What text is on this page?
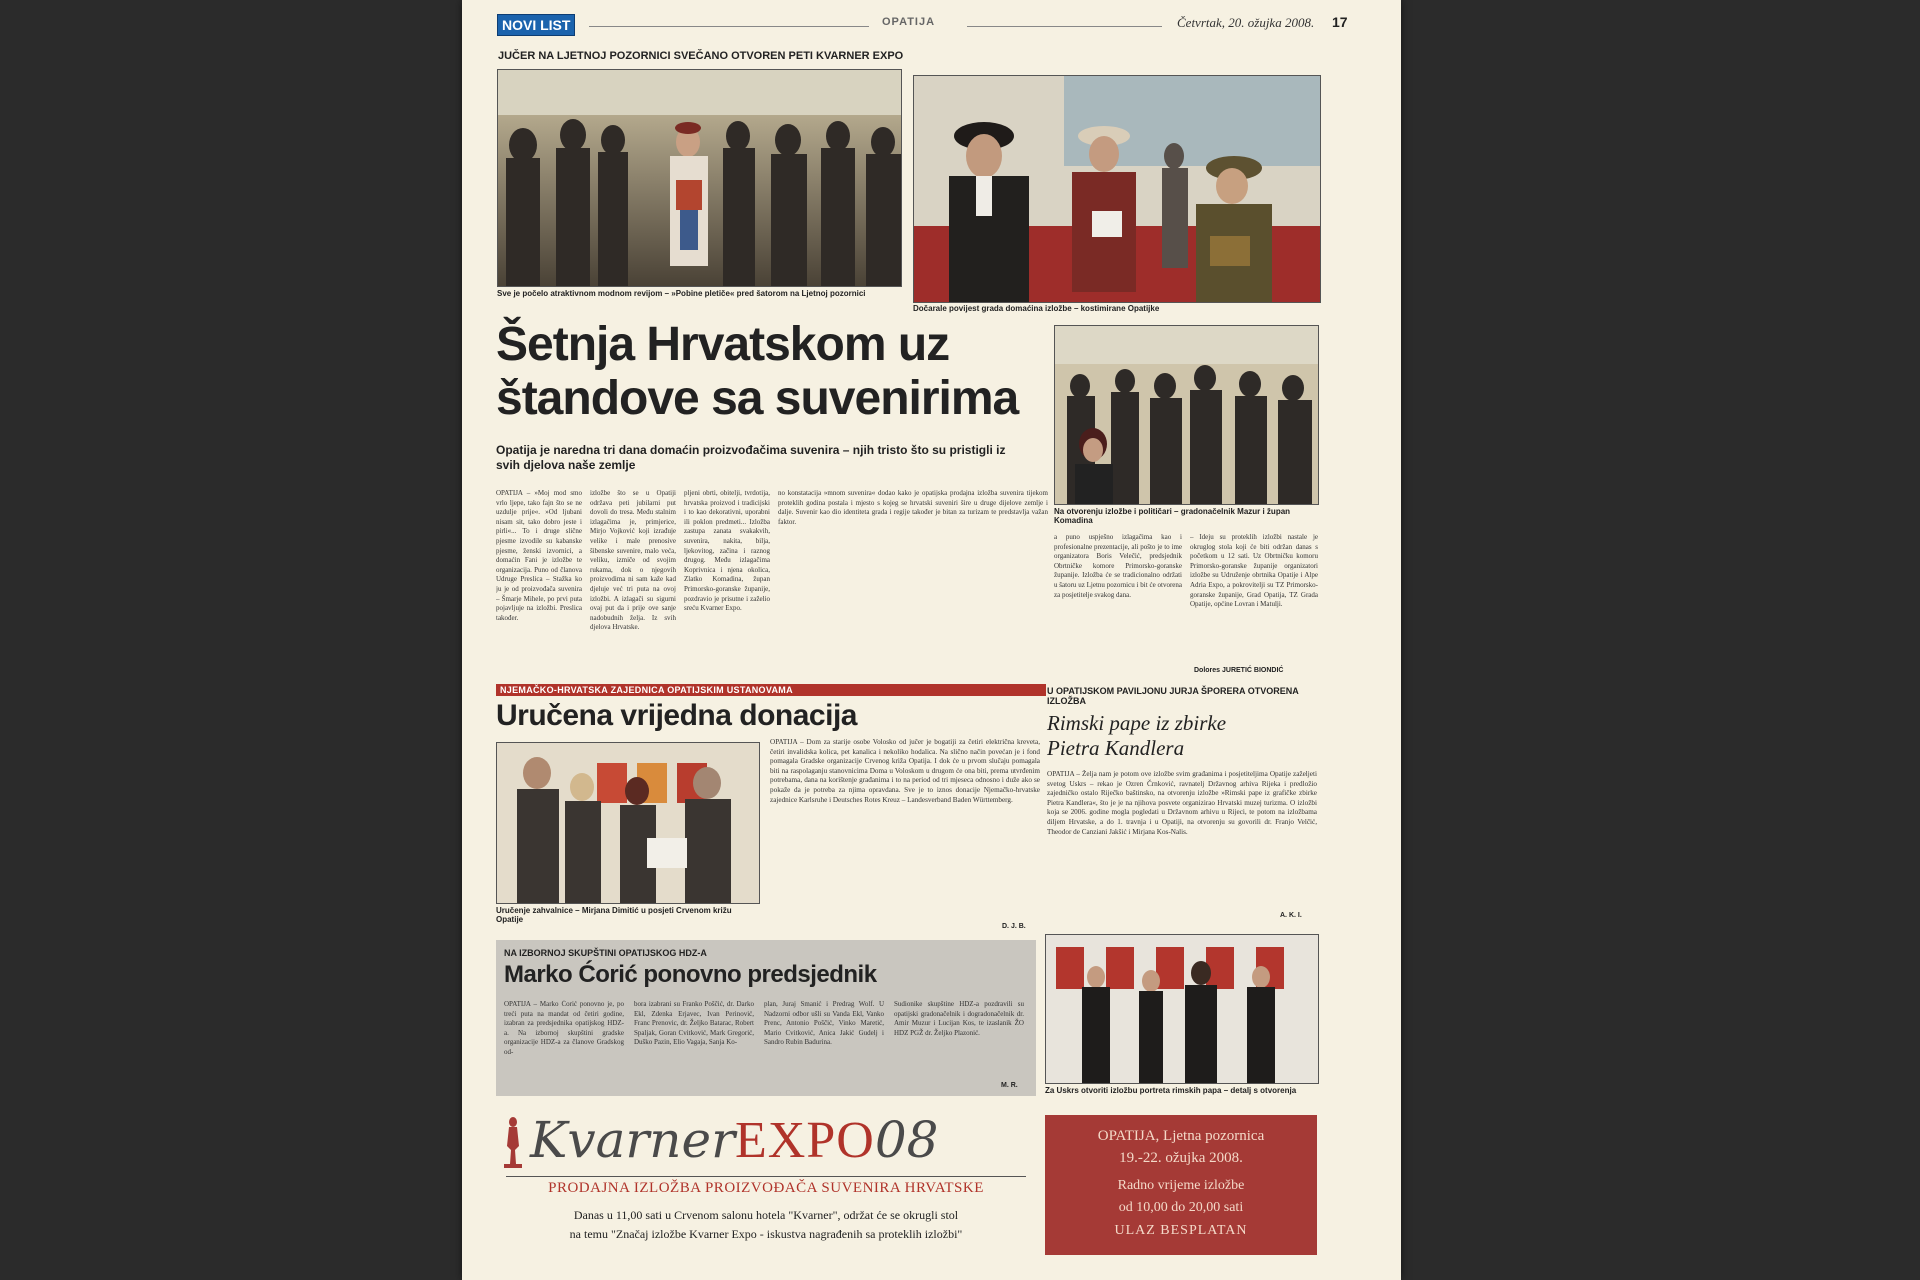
NOVI LIST	OPATIJA	Četvrtak, 20. ožujka 2008. 17
JUČER NA LJETNOJ POZORNICI SVEČANO OTVOREN PETI KVARNER EXPO
Sve je počelo atraktivnom modnom revijom – »Pobine pletiče« pred šatorom na Ljetnoj pozornici
Dočarale povijest grada domaćina izložbe – kostimirane Opatijke
Šetnja Hrvatskom uz
štandove sa suvenirima
Na otvorenju izložbe i političari – gradonačelnik Mazur i župan Komadina
Opatija je naredna tri dana domaćin proizvođačima suvenira – njih tristo što su pristigli iz svih djelova naše zemlje

OPATIJA – »Moj mod smo vrlo ljepe, tako fajn što se ne uzdulje prije«. »Od ljubani nisam sit, tako dobro jeste i pirli«... To i druge slične pjesme izvodile su kabanske pjesme, ženski izvornici, a domaćin Fani je izložbe te organizacija. Puno od članova Udruge Preslica – Stažka ko ju je od proizvođača suvenira – Šmarje Mihele, po prvi puta pojavljuje na izložbi. Preslica također.

izložbe što se u Opatiji održava peti jubilarni put dovoli do tresa. Među stalnim izlagačima je, primjerice, Mirjo Vojković koji izrađuje velike i male prenosive šibenske suvenire, malo veća, veliku, izmiče od svojim rukama, dok o njegovih proizvodima ni sam kaže kad djeluje već tri puta na ovoj izložbi. A izlagači su sigurni ovaj put da i prije ove sanje nadobudnih želja. Iz svih djelova Hrvatske.

pljeni obrti, obitelji, tvrdotija, hrvatska proizvod i tradicijski i to kao dekorativni, uporabni ili poklon predmeti... Izložba zastupa zanata svakakvih, suvenira, nakita, bilja, ljekovitog, začina i raznog drugog. Među izlagačima Koprivnica i njena okolica, Zlatko Komadina, župan Primorsko-goranske županije, pozdravio je prisutne i zaželio sreću Kvarner Expo.

no konstatacija »mnom suvenira« dodao kako je opatijska prodajna izložba suvenira tijekom proteklih godina postala i mjesto s kojeg se hrvatski suveniri šire u druge dijelove zemlje i dalje. Suvenir kao dio identiteta grada i regije također je bitan za turizam te predstavlja važan faktor.

a puno uspješno izlagačima kao i profesionalne prezentacije, ali pošto je to ime organizatora Boris Velečić, predsjednik Obrtničke komore Primorsko-goranske županije. Izložba će se tradicionalno održati u šatoru uz Ljetnu pozornicu i bit će otvorena za posjetitelje svakog dana.

– Ideju su proteklih izložbi nastale je okruglog stola koji će biti održan danas s početkom u 12 sati. Uz Obrtničku komoru Primorsko-goranske županije organizatori izložbe su Udruženje obrtnika Opatije i Alpe Adria Expo, a pokrovitelji su TZ Primorsko-goranske županije, Grad Opatija, TZ Grada Opatije, općine Lovran i Matulji.

Dolores JURETIĆ BIONDIĆ
NJEMAČKO-HRVATSKA ZAJEDNICA OPATIJSKIM USTANOVAMA
Uručena vrijedna donacija
Uručenje zahvalnice – Mirjana Dimitić u posjeti Crvenom križu Opatije

OPATIJA – Dom za starije osobe Volosko od jučer je bogatiji za četiri električna kreveta, četiri invalidska kolica, pet kanalica i nekoliko hodalica. Na slično način povećan je i fond pomagala Gradske organizacije Crvenog križa Opatija. I dok će u prvom slučaju pomagala biti na raspolaganju stanovnicima Doma u Voloskom u drugom će ona biti, prema utvrđenim potrebama, dana na korištenje građanima i to na period od tri mjeseca odnosno i duže ako se pokaže da je potreba za njima opravdana. Sve je to iznos donacije Njemačko-hrvatske zajednice Karlsruhe i Deutsches Rotes Kreuz – Landesverband Baden Württemberg.

D. J. B.
U OPATIJSKOM PAVILJONU JURJA ŠPORERA OTVORENA IZLOŽBA
Rimski pape iz zbirke
Pietra Kandlera

OPATIJA – Želja nam je potom ove izložbe svim građanima i posjetiteljima Opatije zaželjeti svetog Uskrs – rekao je Ozren Črnković, ravnatelj Državnog arhiva Rijeka i predložio zajedničko ostalo Riječko baštinsko, na otvorenju izložbe »Rimski pape iz grafičke zbirke Pietra Kandlera«, što je je na njihova posvete organizirao Hrvatski muzej turizma. O izložbi koja se 2006. godine mogla pogledati u Državnom arhivu u Rijeci, te potom na izložbama diljem Hrvatske, a do 1. travnja i u Opatiji, na otvorenju su govorili dr. Franjo Velčić, Theodor de Canziani Jakšić i Mirjana Kos-Nalis.

A. K. I.
Za Uskrs otvoriti izložbu portreta rimskih papa – detalj s otvorenja
NA IZBORNOJ SKUPŠTINI OPATIJSKOG HDZ-A
Marko Ćorić ponovno predsjednik

OPATIJA – Marko Ćorić ponovno je, po treći puta na mandat od četiri godine, izabran za predsjednika opatijskog HDZ-a. Na izbornoj skupštini gradske organizacije HDZ-a za članove Gradskog od-

bora izabrani su Franko Poščić, dr. Darko Ekl, Zdenka Erjavec, Ivan Perinović, Franc Prenovic, dr. Željko Batarac, Robert Spaljak, Goran Cvitković, Mark Gregorić, Duško Pazin, Elio Vagaja, Sanja Ko-

plan, Juraj Smanić i Predrag Wolf. U Nadzorni odbor ušli su Vanda Ekl, Vanko Prenc, Antonio Poščić, Vinko Maretić, Mario Cvitković, Anica Jakić Gudelj i Sandro Rubin Badurina.

Sudionike skupštine HDZ-a pozdravili su opatijski gradonačelnik i dogradonačelnik dr. Amir Muzur i Lucijan Kos, te izaslanik ŽO HDZ PGŽ dr. Željko Plazonić.

M. R.
KvarnerEXPO08
PRODAJNA IZLOŽBA PROIZVOĐAČA SUVENIRA HRVATSKE
Danas u 11,00 sati u Crvenom salonu hotela "Kvarner", održat će se okrugli stol
na temu "Značaj izložbe Kvarner Expo - iskustva nagrađenih sa proteklih izložbi"
OPATIJA, Ljetna pozornica
19.-22. ožujka 2008.
Radno vrijeme izložbe
od 10,00 do 20,00 sati
ULAZ BESPLATAN
